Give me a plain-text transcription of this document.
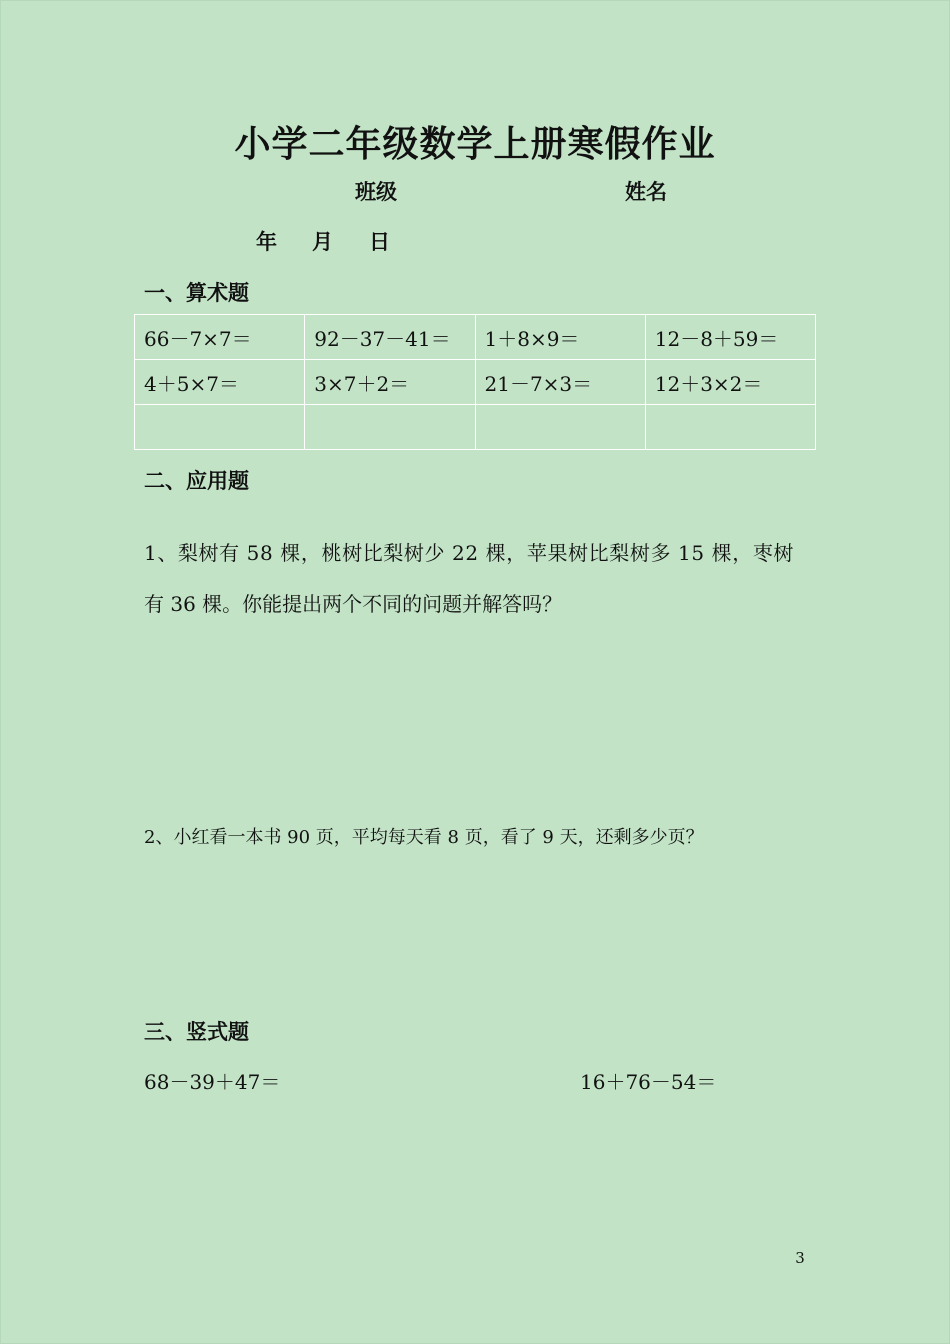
小学二年级数学上册寒假作业
班级	姓名
年 月 日
一、算术题
66－7×7＝	92－37－41＝	1＋8×9＝	12－8＋59＝
4＋5×7＝	3×7＋2＝	21－7×3＝	12＋3×2＝

二、应用题
1、梨树有 58 棵，桃树比梨树少 22 棵，苹果树比梨树多 15 棵，枣树
有 36 棵。你能提出两个不同的问题并解答吗？
2、小红看一本书 90 页，平均每天看 8 页，看了 9 天，还剩多少页？
三、竖式题
68－39＋47＝	16＋76－54＝
3
